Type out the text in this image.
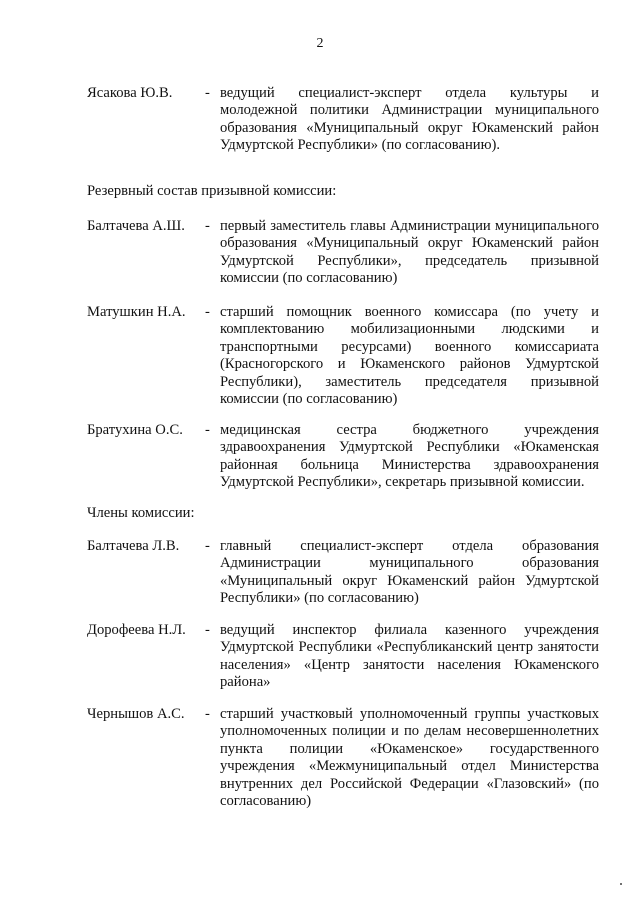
2
Ясакова Ю.В. - ведущий специалист-эксперт отдела культуры и молодежной политики Администрации муниципального образования «Муниципальный округ Юкаменский район Удмуртской Республики» (по согласованию).
Резервный состав призывной комиссии:
Балтачева А.Ш. - первый заместитель главы Администрации муниципального образования «Муниципальный округ Юкаменский район Удмуртской Республики», председатель призывной комиссии (по согласованию)
Матушкин Н.А. - старший помощник военного комиссара (по учету и комплектованию мобилизационными людскими и транспортными ресурсами) военного комиссариата (Красногорского и Юкаменского районов Удмуртской Республики), заместитель председателя призывной комиссии (по согласованию)
Братухина О.С. - медицинская сестра бюджетного учреждения здравоохранения Удмуртской Республики «Юкаменская районная больница Министерства здравоохранения Удмуртской Республики», секретарь призывной комиссии.
Члены комиссии:
Балтачева Л.В. - главный специалист-эксперт отдела образования Администрации муниципального образования «Муниципальный округ Юкаменский район Удмуртской Республики» (по согласованию)
Дорофеева Н.Л. - ведущий инспектор филиала казенного учреждения Удмуртской Республики «Республиканский центр занятости населения» «Центр занятости населения Юкаменского района»
Чернышов А.С. - старший участковый уполномоченный группы участковых уполномоченных полиции и по делам несовершеннолетних пункта полиции «Юкаменское» государственного учреждения «Межмуниципальный отдел Министерства внутренних дел Российской Федерации «Глазовский» (по согласованию)
